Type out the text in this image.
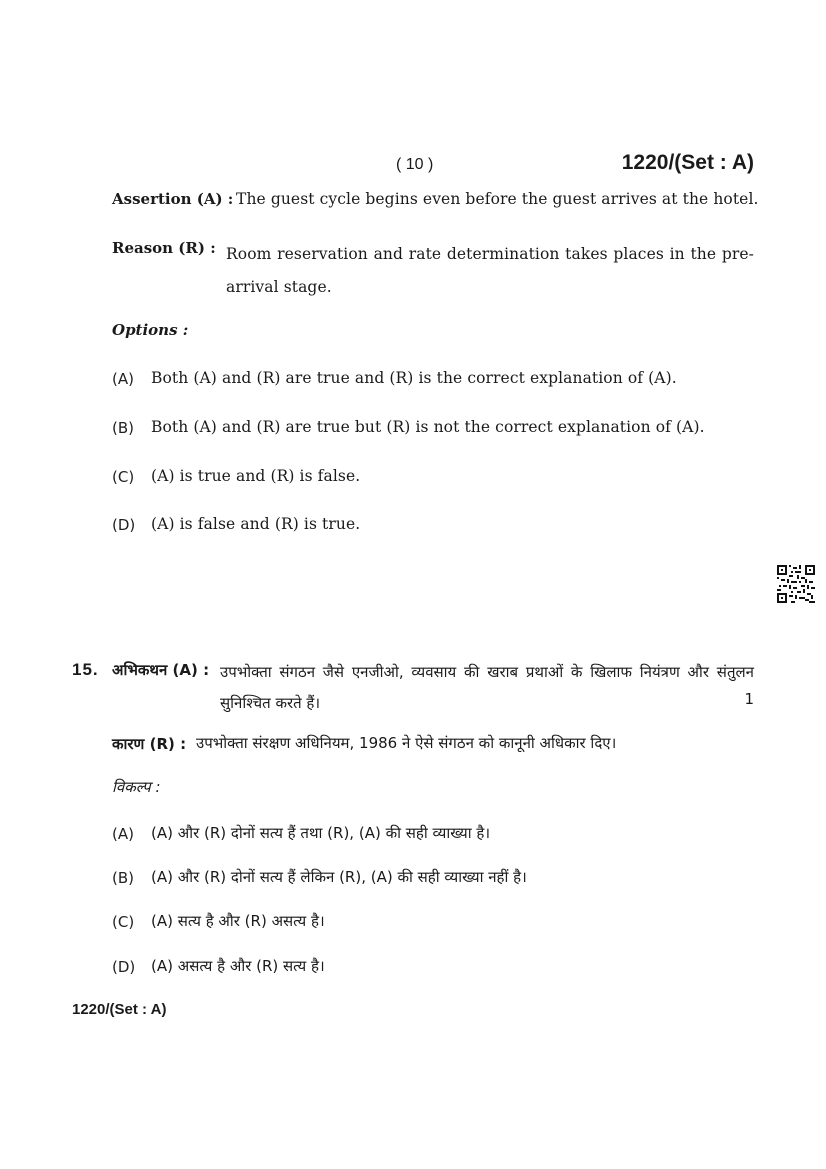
( 10 )	1220/(Set : A)
Assertion (A) : The guest cycle begins even before the guest arrives at the hotel.
Reason (R) : Room reservation and rate determination takes places in the pre-arrival stage.
Options :
(A) Both (A) and (R) are true and (R) is the correct explanation of (A).
(B) Both (A) and (R) are true but (R) is not the correct explanation of (A).
(C) (A) is true and (R) is false.
(D) (A) is false and (R) is true.
15. अभिकथन (A) : उपभोक्ता संगठन जैसे एनजीओ, व्यवसाय की खराब प्रथाओं के खिलाफ नियंत्रण और संतुलन सुनिश्चित करते हैं।	1
कारण (R) : उपभोक्ता संरक्षण अधिनियम, 1986 ने ऐसे संगठन को कानूनी अधिकार दिए।
विकल्प :
(A) (A) और (R) दोनों सत्य हैं तथा (R), (A) की सही व्याख्या है।
(B) (A) और (R) दोनों सत्य हैं लेकिन (R), (A) की सही व्याख्या नहीं है।
(C) (A) सत्य है और (R) असत्य है।
(D) (A) असत्य है और (R) सत्य है।
1220/(Set : A)
